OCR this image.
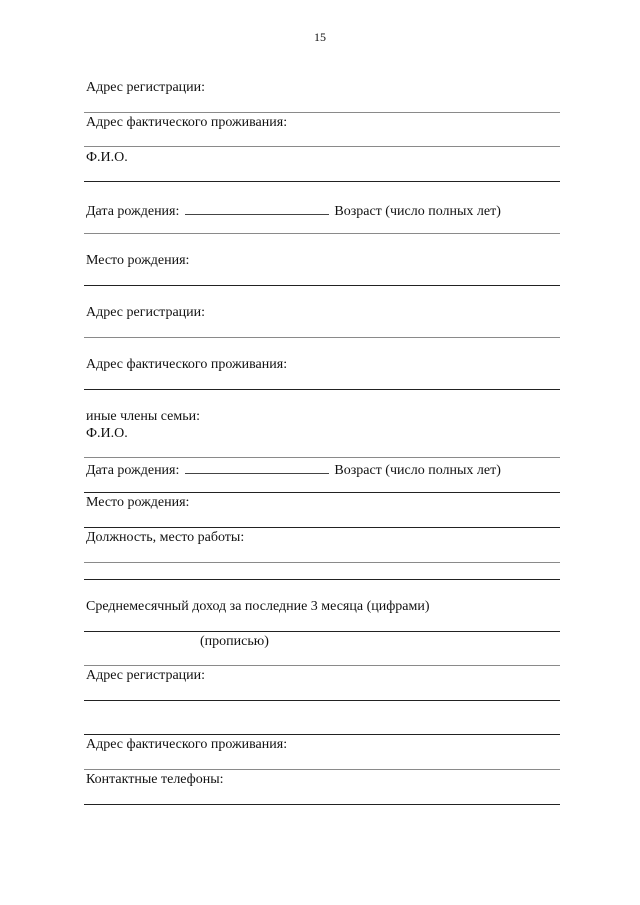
15
Адрес регистрации:
Адрес фактического проживания:
Ф.И.О.
Дата рождения:	Возраст (число полных лет)
Место рождения:
Адрес регистрации:
Адрес фактического проживания:
иные члены семьи:
Ф.И.О.
Дата рождения:	Возраст (число полных лет)
Место рождения:
Должность, место работы:
Среднемесячный доход за последние 3 месяца (цифрами)
(прописью)
Адрес регистрации:
Адрес фактического проживания:
Контактные телефоны:
